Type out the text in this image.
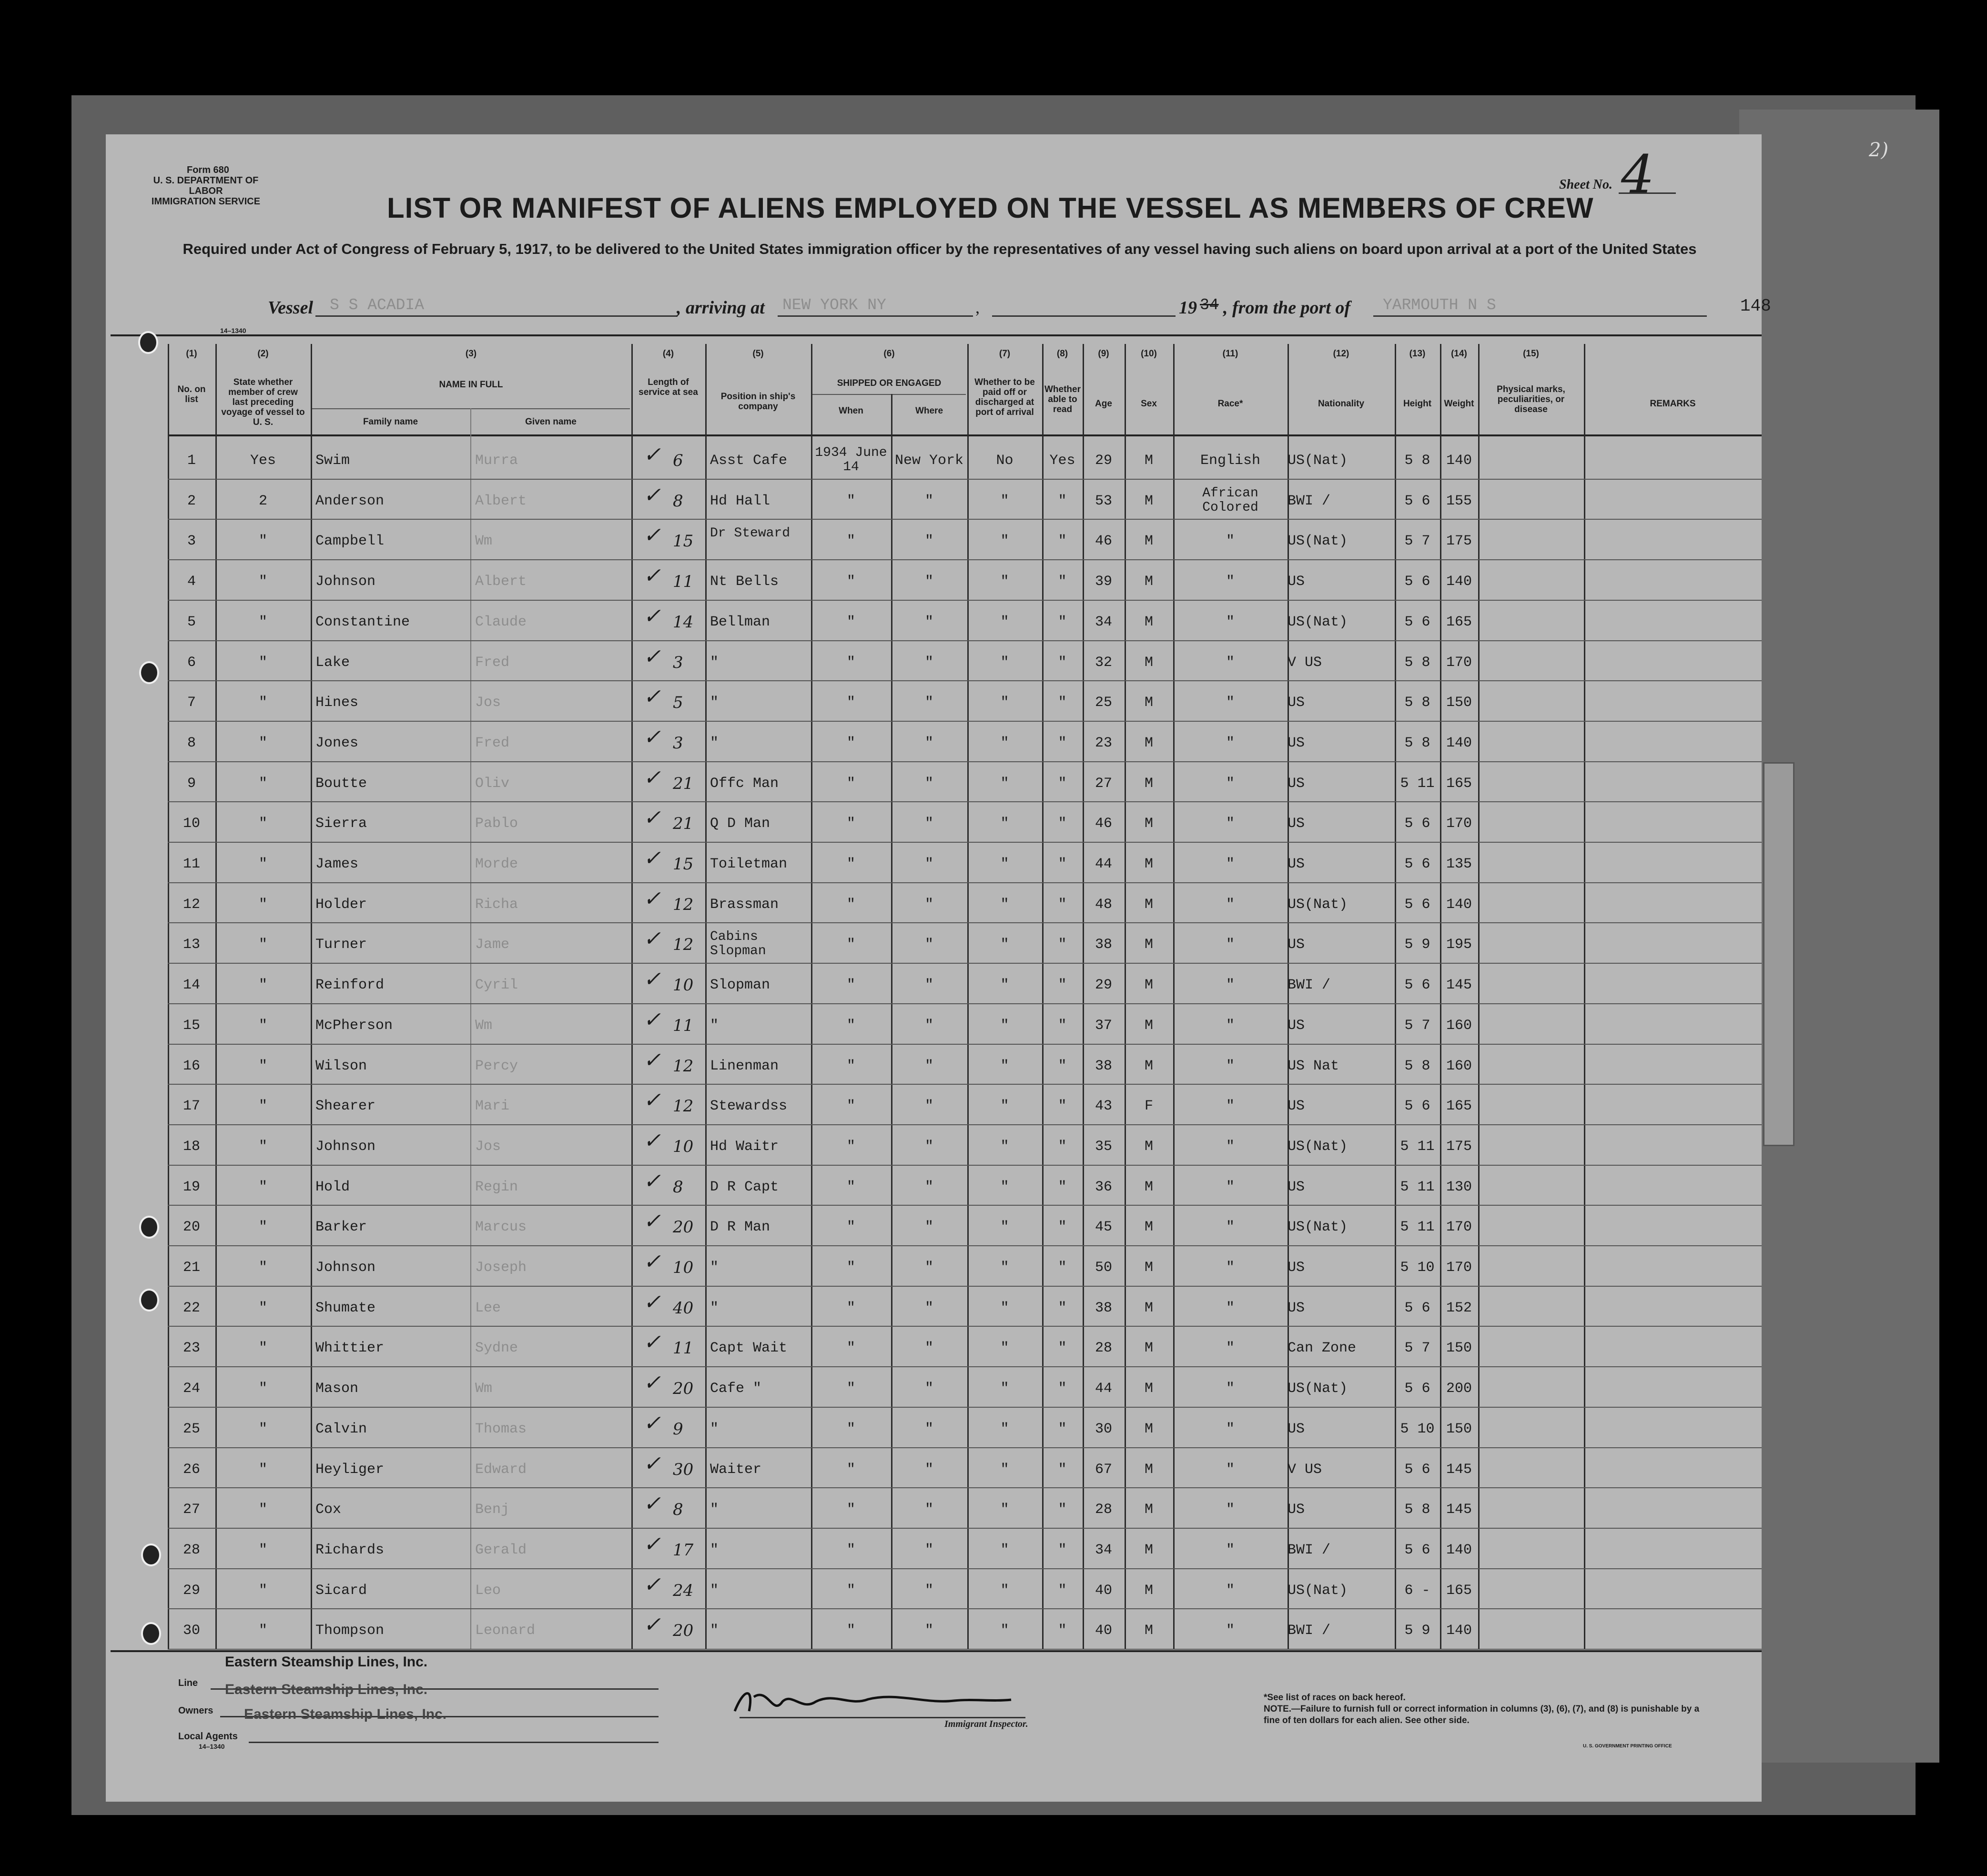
Form 680
U. S. DEPARTMENT OF LABOR
IMMIGRATION SERVICE	LIST OR MANIFEST OF ALIENS EMPLOYED ON THE VESSEL AS MEMBERS OF CREW
Sheet No. 4	2)
Required under Act of Congress of February 5, 1917, to be delivered to the United States immigration officer by the representatives of any vessel having such aliens on board upon arrival at a port of the United States
Vessel S S ACADIA	, arriving at NEW YORK NY	,	19 34 , from the port of YARMOUTH N S	148
14–1340
(1)	(2)	(3)	(4)	(5)	(6)	(7)	(8)	(9)	(10)	(11)	(12)	(13)	(14)	(15)
No. on list
State whether member of crew last preceding voyage of vessel to U. S.
NAME IN FULL
Family name	Given name
Length of service at sea	Position in ship's company
SHIPPED OR ENGAGED
When	Where
Whether to be paid off or discharged at port of arrival
Whether able to read
Age	Sex	Race*	Nationality	Height	Weight
Physical marks, peculiarities, or disease
REMARKS
1	Yes	Swim	Murra	6	Asst Cafe	1934 June 14	New York	No	Yes	29	M	English	US(Nat)	5 8	140
✓
2	2	Anderson	Albert	8	Hd Hall	"	"	"	"	53	M	African Colored	BWI /	5 6	155
✓
3	"	Campbell	Wm	15	Dr Steward	"	"	"	"	46	M	"	US(Nat)	5 7	175
✓
4	"	Johnson	Albert	11	Nt Bells	"	"	"	"	39	M	"	US	5 6	140
✓
5	"	Constantine	Claude	14	Bellman	"	"	"	"	34	M	"	US(Nat)	5 6	165
✓
6	"	Lake	Fred	3	"	"	"	"	"	32	M	"	V US	5 8	170
✓
7	"	Hines	Jos	5	"	"	"	"	"	25	M	"	US	5 8	150
✓
8	"	Jones	Fred	3	"	"	"	"	"	23	M	"	US	5 8	140
✓
9	"	Boutte	Oliv	21	Offc Man	"	"	"	"	27	M	"	US	5 11 165
✓
10	"	Sierra	Pablo	21	Q D Man	"	"	"	"	46	M	"	US	5 6	170
✓
11	"	James	Morde	15	Toiletman	"	"	"	"	44	M	"	US	5 6	135
✓
12	"	Holder	Richa	12	Brassman	"	"	"	"	48	M	"	US(Nat)	5 6	140
✓
13	"	Turner	Jame	12	Cabins Slopman	"	"	"	"	38	M	"	US	5 9	195
✓
14	"	Reinford	Cyril	10	Slopman	"	"	"	"	29	M	"	BWI /	5 6	145
✓
15	"	McPherson	Wm	11	"	"	"	"	"	37	M	"	US	5 7	160
✓
16	"	Wilson	Percy	12	Linenman	"	"	"	"	38	M	"	US Nat	5 8	160
✓
17	"	Shearer	Mari	12	Stewardss	"	"	"	"	43	F	"	US	5 6	165
✓
18	"	Johnson	Jos	10	Hd Waitr	"	"	"	"	35	M	"	US(Nat)	5 11 175
✓
19	"	Hold	Regin	8	D R Capt	"	"	"	"	36	M	"	US	5 11 130
✓
20	"	Barker	Marcus	20	D R Man	"	"	"	"	45	M	"	US(Nat)	5 11 170
✓
21	"	Johnson	Joseph	10	"	"	"	"	"	50	M	"	US	5 10 170
✓
22	"	Shumate	Lee	40	"	"	"	"	"	38	M	"	US	5 6	152
✓
23	"	Whittier	Sydne	11	Capt Wait	"	"	"	"	28	M	"	Can Zone	5 7	150
✓
24	"	Mason	Wm	20	Cafe "	"	"	"	"	44	M	"	US(Nat)	5 6	200
✓
25	"	Calvin	Thomas	9	"	"	"	"	"	30	M	"	US	5 10 150
✓
26	"	Heyliger	Edward	30	Waiter	"	"	"	"	67	M	"	V US	5 6	145
✓
27	"	Cox	Benj	8	"	"	"	"	"	28	M	"	US	5 8	145
✓
28	"	Richards	Gerald	17	"	"	"	"	"	34	M	"	BWI /	5 6	140
✓
29	"	Sicard	Leo	24	"	"	"	"	"	40	M	"	US(Nat)	6 -	165
✓
30	"	Thompson	Leonard	20	"	"	"	"	"	40	M	"	BWI /	5 9	140
✓
Eastern Steamship Lines, Inc.
Line Eastern Steamship Lines, Inc.
Owners Eastern Steamship Lines, Inc.
Local Agents
14–1340
Immigrant Inspector.
*See list of races on back hereof.
NOTE.—Failure to furnish full or correct information in columns (3), (6), (7), and (8) is punishable by a fine of ten dollars for each alien. See other side.
U. S. GOVERNMENT PRINTING OFFICE
